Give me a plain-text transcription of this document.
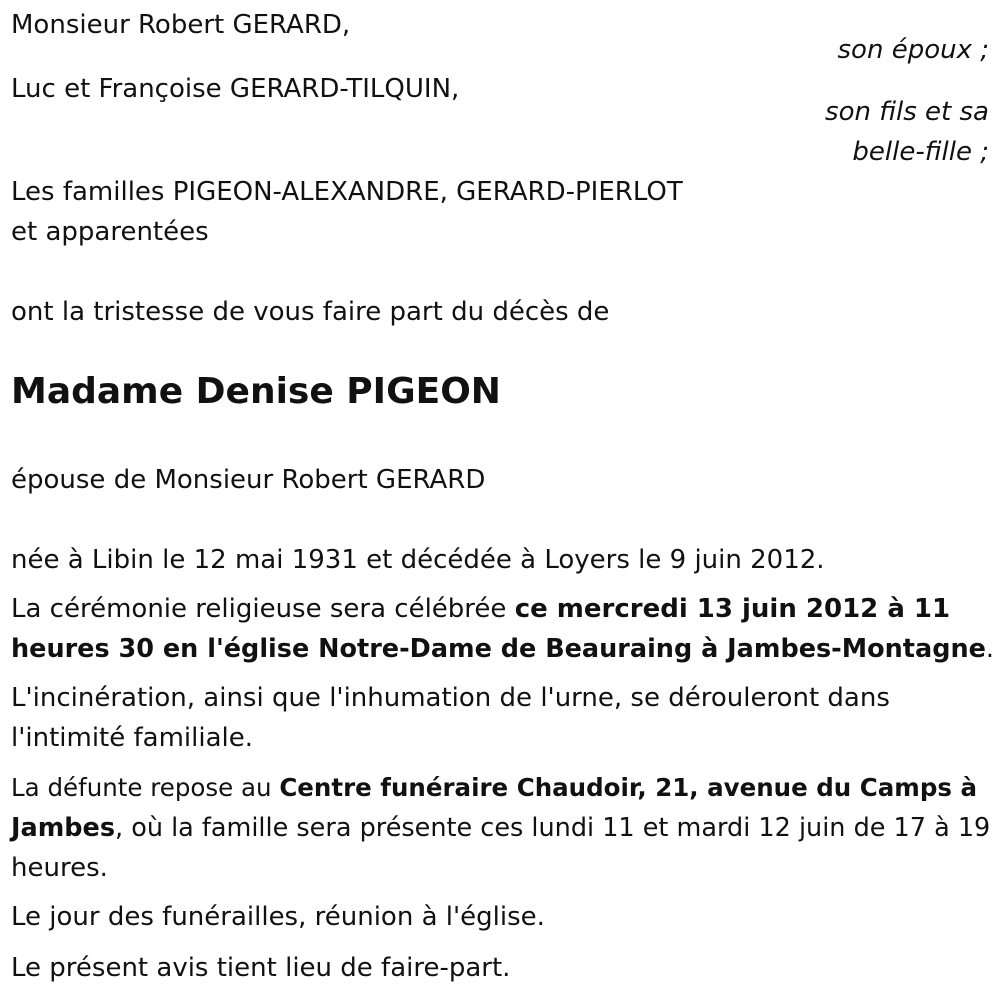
Monsieur Robert GERARD,

son époux ;

Luc et Françoise GERARD-TILQUIN,

son fils et sa

belle-fille ;

Les familles PIGEON-ALEXANDRE, GERARD-PIERLOT

et apparentées

ont la tristesse de vous faire part du décès de

Madame Denise PIGEON

épouse de Monsieur Robert GERARD

née à Libin le 12 mai 1931 et décédée à Loyers le 9 juin 2012.

La cérémonie religieuse sera célébrée ce mercredi 13 juin 2012 à 11

heures 30 en l'église Notre-Dame de Beauraing à Jambes-Montagne.

L'incinération, ainsi que l'inhumation de l'urne, se dérouleront dans

l'intimité familiale.

La défunte repose au Centre funéraire Chaudoir, 21, avenue du Camps à

Jambes, où la famille sera présente ces lundi 11 et mardi 12 juin de 17 à 19

heures.

Le jour des funérailles, réunion à l'église.

Le présent avis tient lieu de faire-part.
